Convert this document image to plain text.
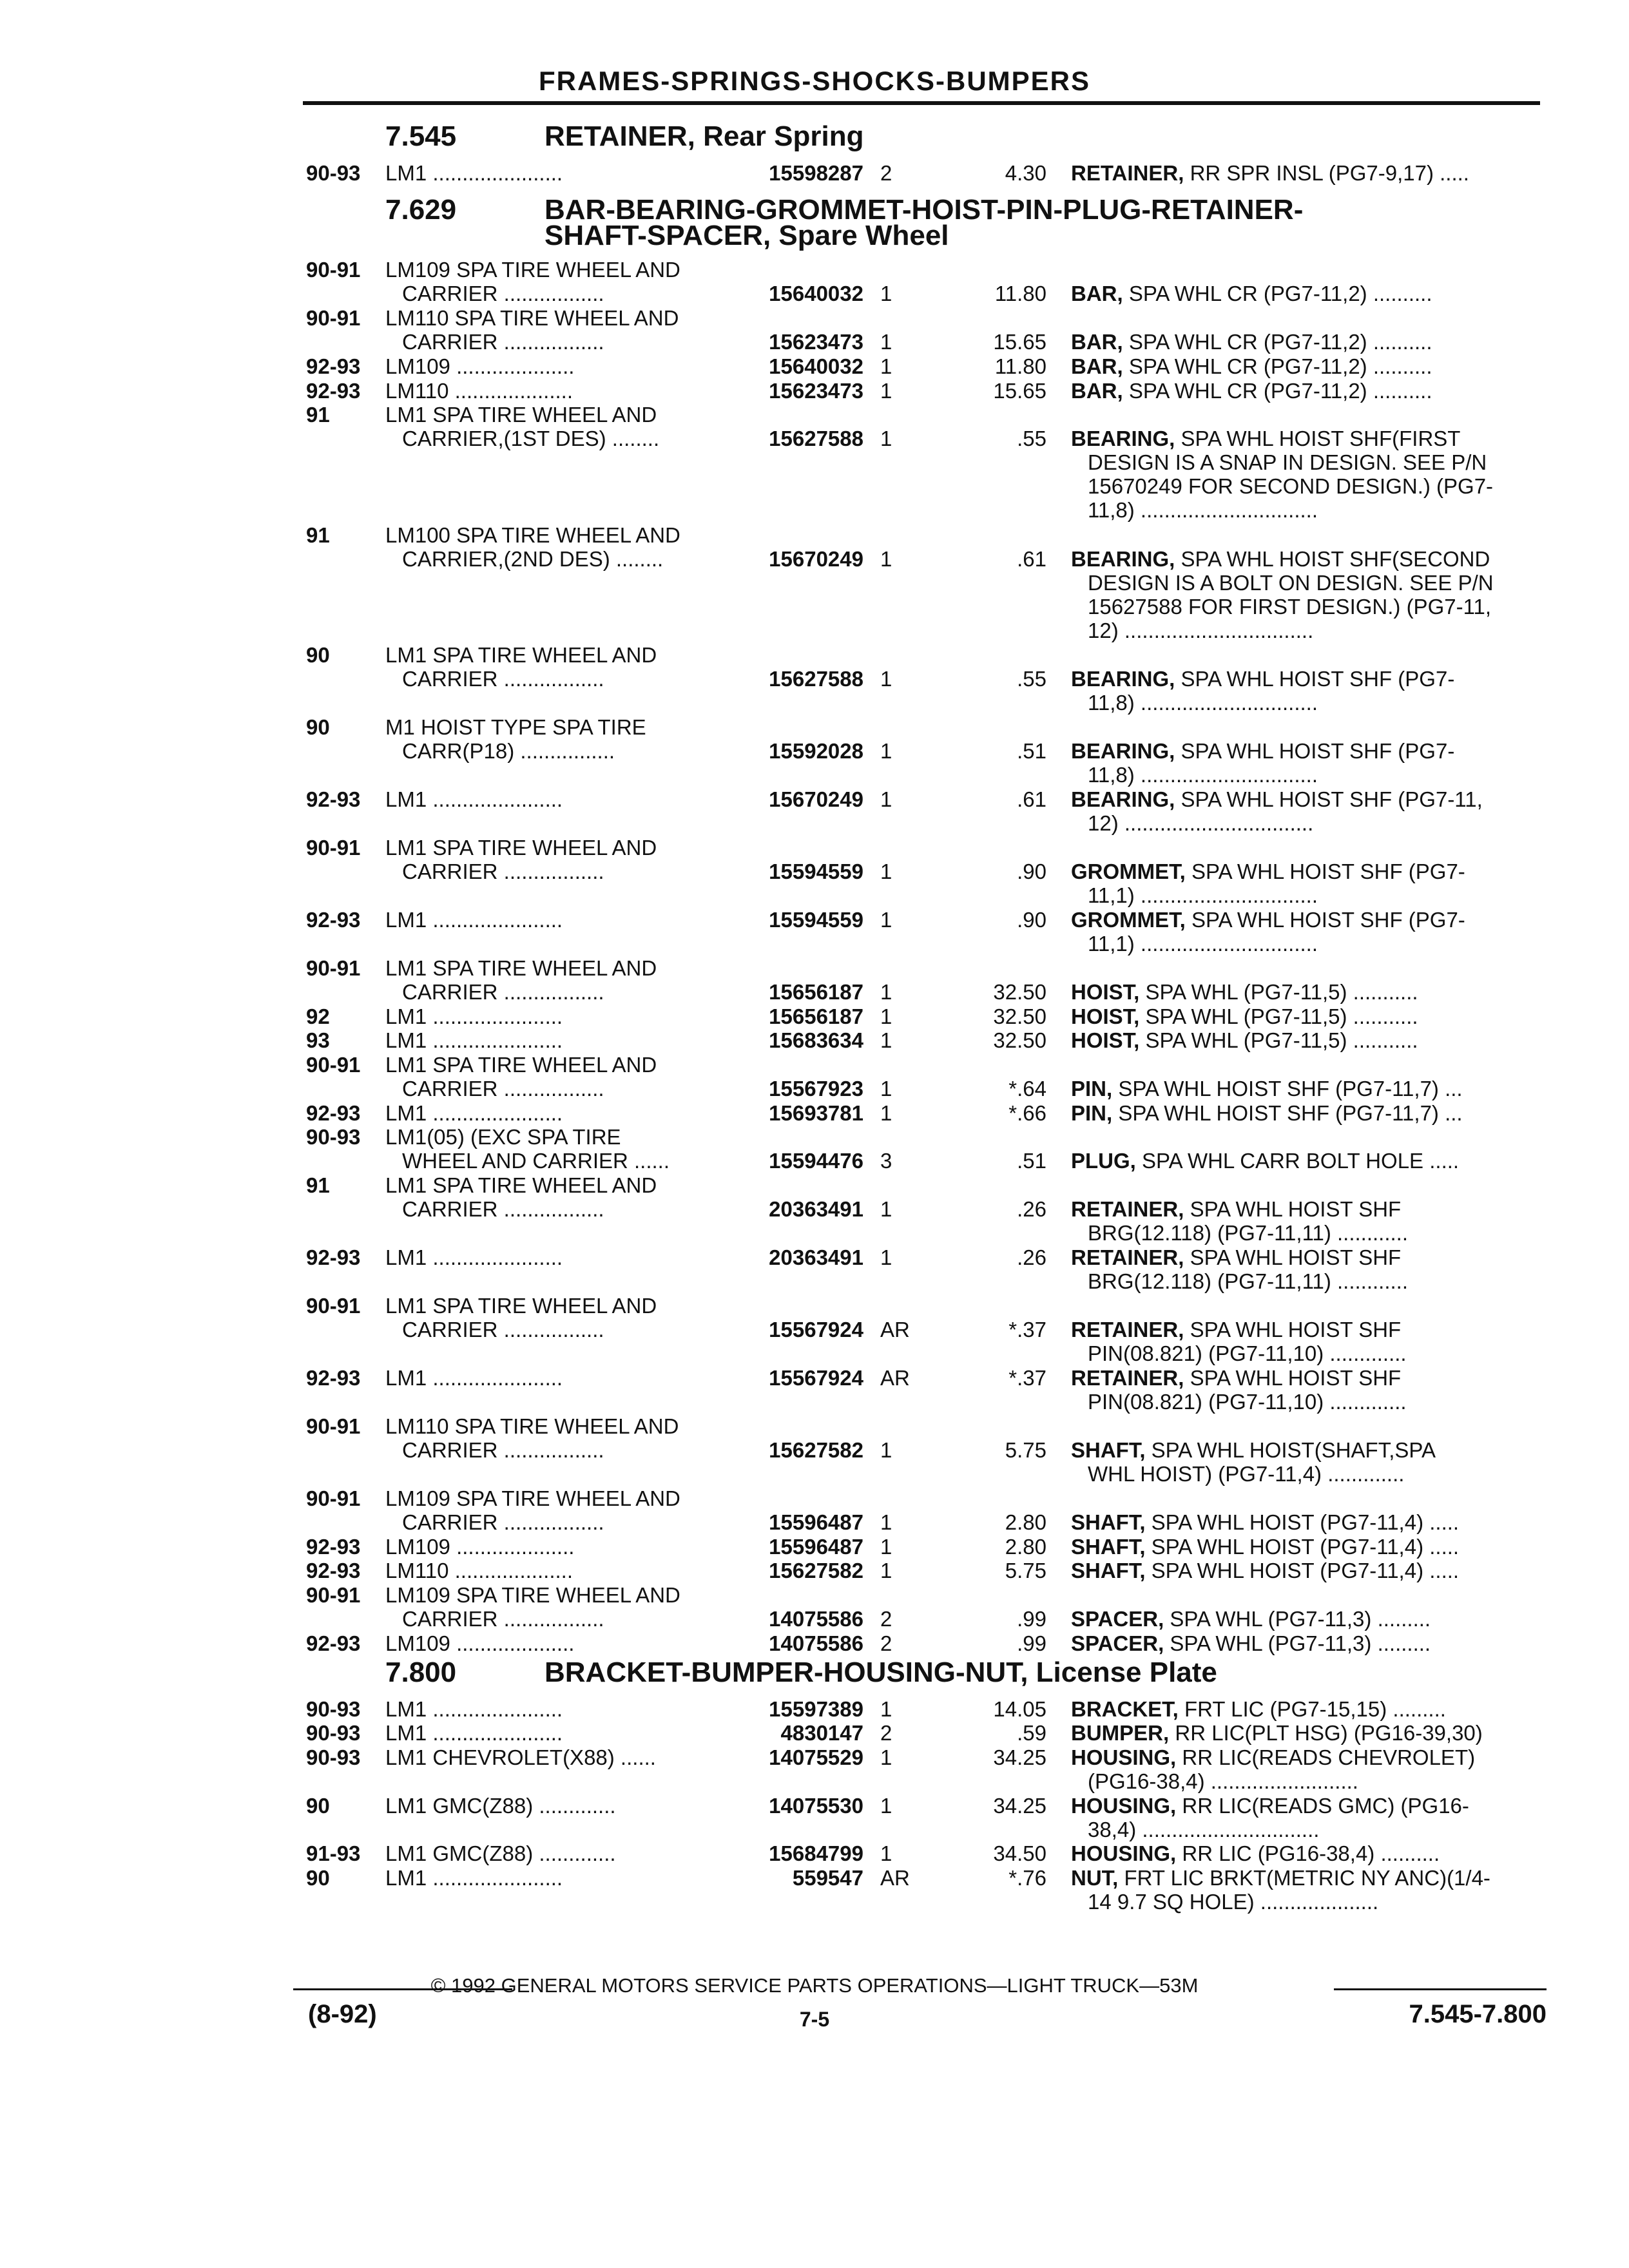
FRAMES-SPRINGS-SHOCKS-BUMPERS
7.545	RETAINER, Rear Spring
90-93 LM1 ......................	15598287 2	4.30 RETAINER, RR SPR INSL (PG7-9,17) .....
7.629	BAR-BEARING-GROMMET-HOIST-PIN-PLUG-RETAINER-
SHAFT-SPACER, Spare Wheel
90-91 LM109 SPA TIRE WHEEL AND
CARRIER .................	15640032 1	11.80 BAR, SPA WHL CR (PG7-11,2) ..........
90-91 LM110 SPA TIRE WHEEL AND
CARRIER .................	15623473 1	15.65 BAR, SPA WHL CR (PG7-11,2) ..........
92-93 LM109 ....................	15640032 1	11.80 BAR, SPA WHL CR (PG7-11,2) ..........
92-93 LM110 ....................	15623473 1	15.65 BAR, SPA WHL CR (PG7-11,2) ..........
91	LM1 SPA TIRE WHEEL AND
CARRIER,(1ST DES) ........	15627588 1	.55 BEARING, SPA WHL HOIST SHF(FIRST
DESIGN IS A SNAP IN DESIGN. SEE P/N
15670249 FOR SECOND DESIGN.) (PG7-
11,8) ..............................
91	LM100 SPA TIRE WHEEL AND
CARRIER,(2ND DES) ........	15670249 1	.61 BEARING, SPA WHL HOIST SHF(SECOND
DESIGN IS A BOLT ON DESIGN. SEE P/N
15627588 FOR FIRST DESIGN.) (PG7-11,
12) ................................
90	LM1 SPA TIRE WHEEL AND
CARRIER .................	15627588 1	.55 BEARING, SPA WHL HOIST SHF (PG7-
11,8) ..............................
90	M1 HOIST TYPE SPA TIRE
CARR(P18) ................	15592028 1	.51 BEARING, SPA WHL HOIST SHF (PG7-
11,8) ..............................
92-93 LM1 ......................	15670249 1	.61 BEARING, SPA WHL HOIST SHF (PG7-11,
12) ................................
90-91 LM1 SPA TIRE WHEEL AND
CARRIER .................	15594559 1	.90 GROMMET, SPA WHL HOIST SHF (PG7-
11,1) ..............................
92-93 LM1 ......................	15594559 1	.90 GROMMET, SPA WHL HOIST SHF (PG7-
11,1) ..............................
90-91 LM1 SPA TIRE WHEEL AND
CARRIER .................	15656187 1	32.50 HOIST, SPA WHL (PG7-11,5) ...........
92	LM1 ......................	15656187 1	32.50 HOIST, SPA WHL (PG7-11,5) ...........
93	LM1 ......................	15683634 1	32.50 HOIST, SPA WHL (PG7-11,5) ...........
90-91 LM1 SPA TIRE WHEEL AND
CARRIER .................	15567923 1	*.64 PIN, SPA WHL HOIST SHF (PG7-11,7) ...
92-93 LM1 ......................	15693781 1	*.66 PIN, SPA WHL HOIST SHF (PG7-11,7) ...
90-93 LM1(05) (EXC SPA TIRE
WHEEL AND CARRIER ......	15594476 3	.51 PLUG, SPA WHL CARR BOLT HOLE .....
91	LM1 SPA TIRE WHEEL AND
CARRIER .................	20363491 1	.26 RETAINER, SPA WHL HOIST SHF
BRG(12.118) (PG7-11,11) ............
92-93 LM1 ......................	20363491 1	.26 RETAINER, SPA WHL HOIST SHF
BRG(12.118) (PG7-11,11) ............
90-91 LM1 SPA TIRE WHEEL AND
CARRIER .................	15567924 AR	*.37 RETAINER, SPA WHL HOIST SHF
PIN(08.821) (PG7-11,10) .............
92-93 LM1 ......................	15567924 AR	*.37 RETAINER, SPA WHL HOIST SHF
PIN(08.821) (PG7-11,10) .............
90-91 LM110 SPA TIRE WHEEL AND
CARRIER .................	15627582 1	5.75 SHAFT, SPA WHL HOIST(SHAFT,SPA
WHL HOIST) (PG7-11,4) .............
90-91 LM109 SPA TIRE WHEEL AND
CARRIER .................	15596487 1	2.80 SHAFT, SPA WHL HOIST (PG7-11,4) .....
92-93 LM109 ....................	15596487 1	2.80 SHAFT, SPA WHL HOIST (PG7-11,4) .....
92-93 LM110 ....................	15627582 1	5.75 SHAFT, SPA WHL HOIST (PG7-11,4) .....
90-91 LM109 SPA TIRE WHEEL AND
CARRIER .................	14075586 2	.99 SPACER, SPA WHL (PG7-11,3) .........
92-93 LM109 ....................	14075586 2	.99 SPACER, SPA WHL (PG7-11,3) .........
7.800	BRACKET-BUMPER-HOUSING-NUT, License Plate
90-93 LM1 ......................	15597389 1	14.05 BRACKET, FRT LIC (PG7-15,15) .........
90-93 LM1 ......................	4830147 2	.59 BUMPER, RR LIC(PLT HSG) (PG16-39,30)
90-93 LM1 CHEVROLET(X88) ......	14075529 1	34.25 HOUSING, RR LIC(READS CHEVROLET)
(PG16-38,4) .........................
90	LM1 GMC(Z88) .............	14075530 1	34.25 HOUSING, RR LIC(READS GMC) (PG16-
38,4) ..............................
91-93 LM1 GMC(Z88) .............	15684799 1	34.50 HOUSING, RR LIC (PG16-38,4) ..........
90	LM1 ......................	559547 AR	*.76 NUT, FRT LIC BRKT(METRIC NY ANC)(1/4-
14 9.7 SQ HOLE) ....................
© 1992 GENERAL MOTORS SERVICE PARTS OPERATIONS—LIGHT TRUCK—53M
(8-92)	7-5	7.545-7.800
